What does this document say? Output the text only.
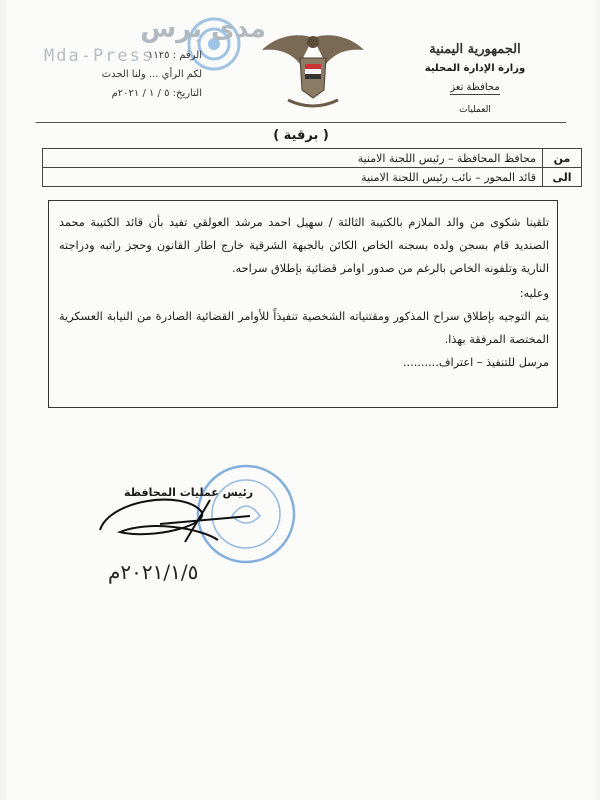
مدى برس
Mda-Press	الجمهورية اليمنية
وزارة الإدارة المحلية
محافظة تعز
العمليات
الرقم : ١١٢٥
لكم الرأي ... ولنا الحدث
التاريخ: ٥ / ١ / ٢٠٢١م
( برقية )
من	محافظ المحافظة – رئيس اللجنة الامنية
الى	قائد المحور – نائب رئيس اللجنة الامنية

تلقينا شكوى من والد الملازم بالكتيبة الثالثة / سهيل احمد مرشد العولقي تفيد بأن قائد الكتيبة محمد الصنديد قام بسجن ولده بسجنه الخاص الكائن بالجبهة الشرقية خارج اطار القانون وحجز راتبه ودراجته النارية وتلفونه الخاص بالرغم من صدور اوامر قضائية بإطلاق سراحه.

وعليه:

يتم التوجيه بإطلاق سراح المذكور ومقتنياته الشخصية تنفيذاً للأوامر القضائية الصادرة من النيابة العسكرية المختصة المرفقة بهذا.

مرسل للتنفيذ – اعتراف..........

رئيس عمليات المحافظة
٢٠٢١/١/٥م
